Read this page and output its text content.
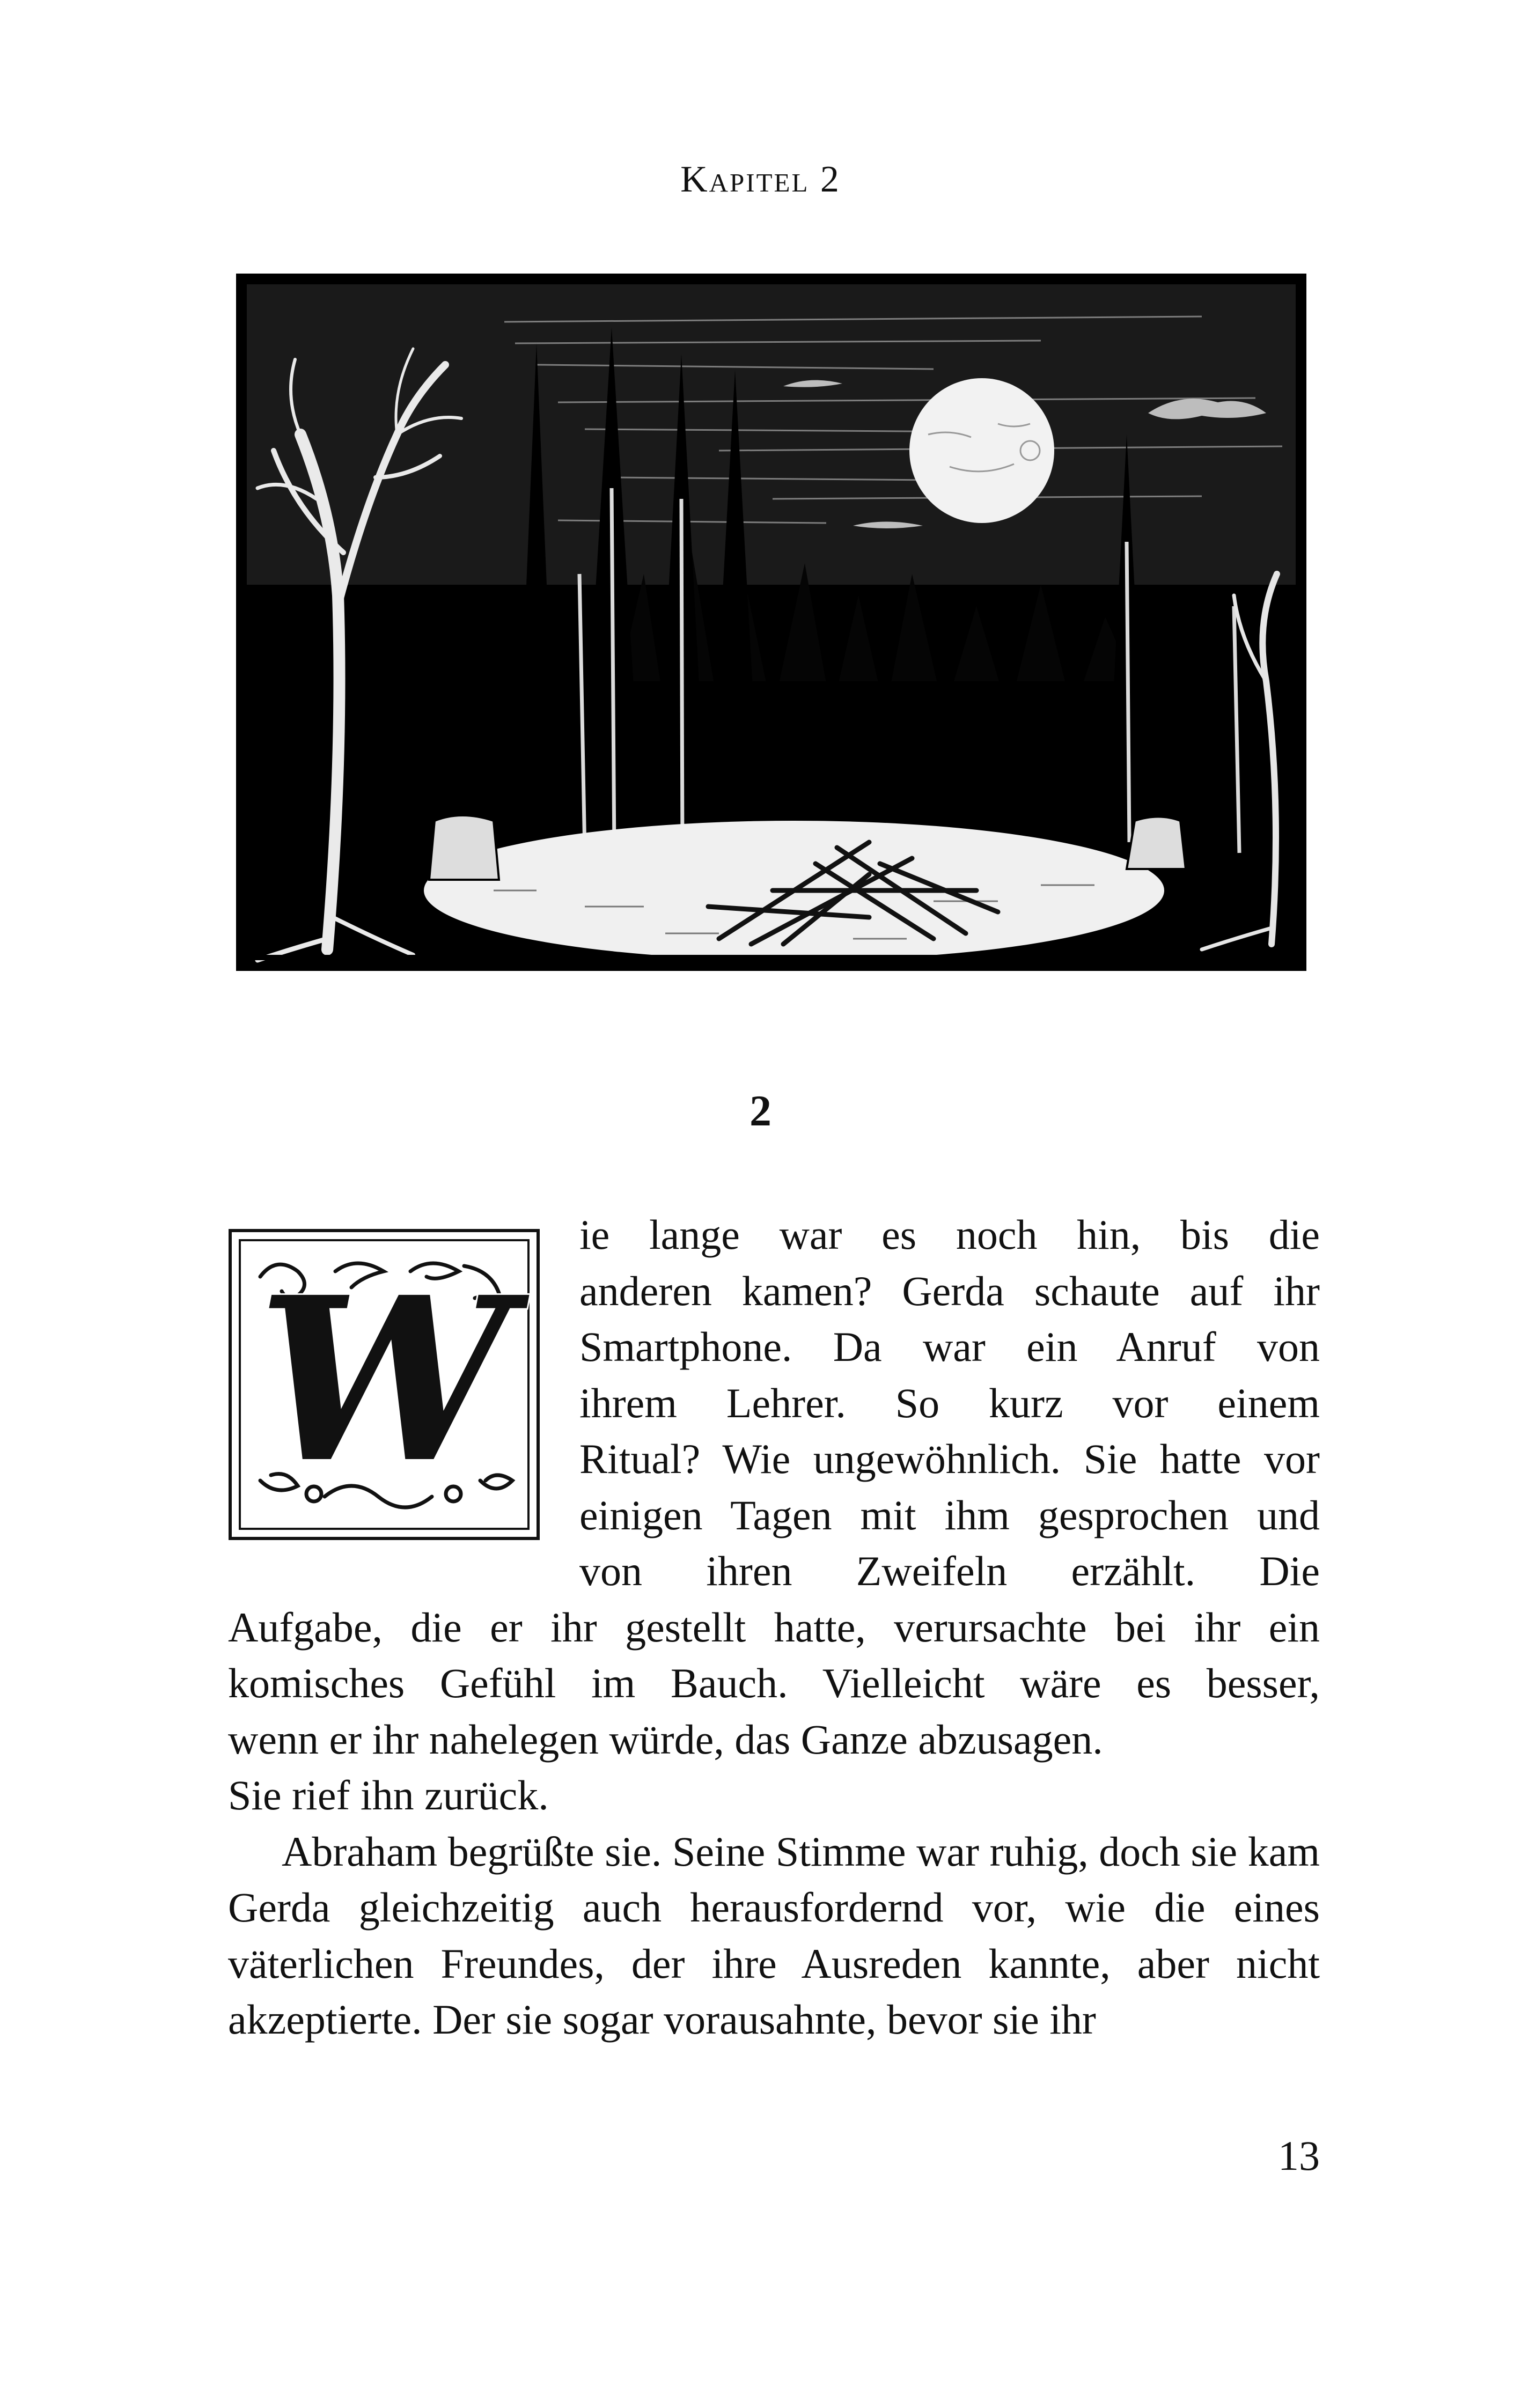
Kapitel 2
2
W

ie lange war es noch hin, bis die
anderen kamen? Gerda schaute auf ihr
Smartphone. Da war ein Anruf von
ihrem Lehrer. So kurz vor einem
Ritual? Wie ungewöhnlich. Sie hatte vor
einigen Tagen mit ihm gesprochen und
von ihren Zweifeln erzählt. Die
Aufgabe, die er ihr gestellt hatte, verursachte bei ihr ein
komisches Gefühl im Bauch. Vielleicht wäre es besser,
wenn er ihr nahelegen würde, das Ganze abzusagen.

Sie rief ihn zurück.

Abraham begrüßte sie. Seine Stimme war ruhig, doch sie kam Gerda gleichzeitig auch herausfordernd vor, wie die eines väterlichen Freundes, der ihre Ausreden kannte, aber nicht akzeptierte. Der sie sogar vorausahnte, bevor sie ihr

13
